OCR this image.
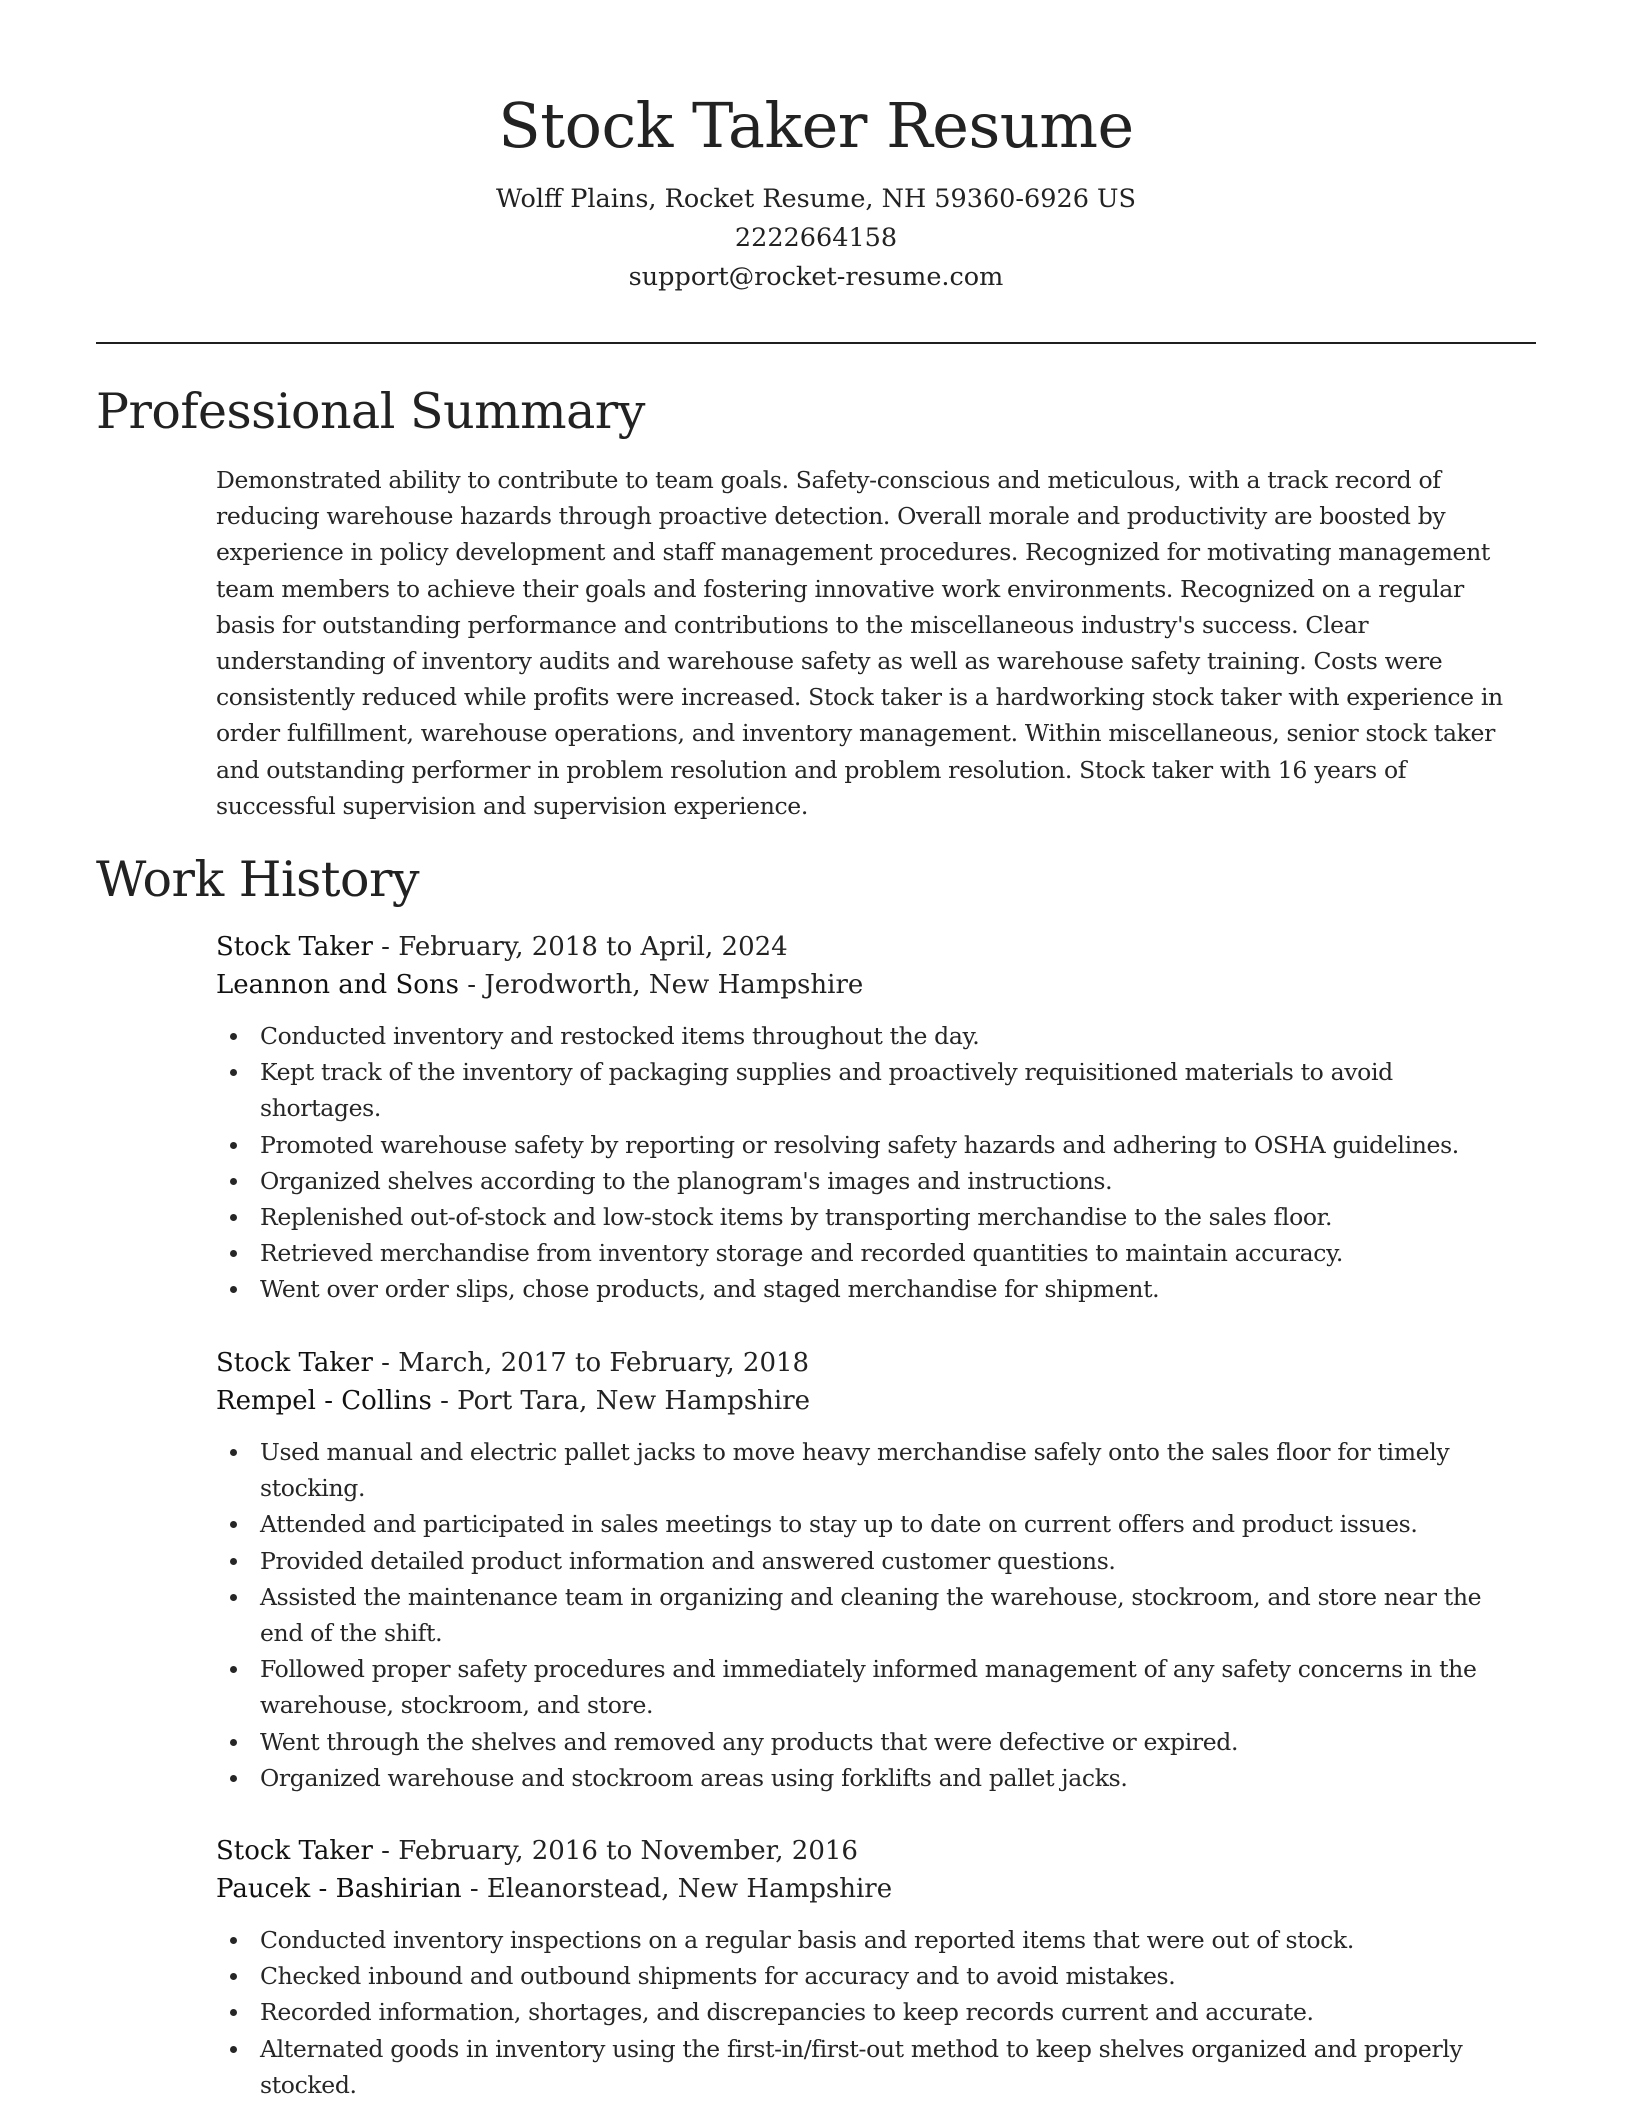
Stock Taker Resume
Wolff Plains, Rocket Resume, NH 59360-6926 US
2222664158
support@rocket-resume.com
Professional Summary
Demonstrated ability to contribute to team goals. Safety-conscious and meticulous, with a track record of
reducing warehouse hazards through proactive detection. Overall morale and productivity are boosted by
experience in policy development and staff management procedures. Recognized for motivating management
team members to achieve their goals and fostering innovative work environments. Recognized on a regular
basis for outstanding performance and contributions to the miscellaneous industry's success. Clear
understanding of inventory audits and warehouse safety as well as warehouse safety training. Costs were
consistently reduced while profits were increased. Stock taker is a hardworking stock taker with experience in
order fulfillment, warehouse operations, and inventory management. Within miscellaneous, senior stock taker
and outstanding performer in problem resolution and problem resolution. Stock taker with 16 years of
successful supervision and supervision experience.
Work History
Stock Taker - February, 2018 to April, 2024
Leannon and Sons - Jerodworth, New Hampshire
Conducted inventory and restocked items throughout the day.
Kept track of the inventory of packaging supplies and proactively requisitioned materials to avoid
shortages.
Promoted warehouse safety by reporting or resolving safety hazards and adhering to OSHA guidelines.
Organized shelves according to the planogram's images and instructions.
Replenished out-of-stock and low-stock items by transporting merchandise to the sales floor.
Retrieved merchandise from inventory storage and recorded quantities to maintain accuracy.
Went over order slips, chose products, and staged merchandise for shipment.
Stock Taker - March, 2017 to February, 2018
Rempel - Collins - Port Tara, New Hampshire
Used manual and electric pallet jacks to move heavy merchandise safely onto the sales floor for timely
stocking.
Attended and participated in sales meetings to stay up to date on current offers and product issues.
Provided detailed product information and answered customer questions.
Assisted the maintenance team in organizing and cleaning the warehouse, stockroom, and store near the
end of the shift.
Followed proper safety procedures and immediately informed management of any safety concerns in the
warehouse, stockroom, and store.
Went through the shelves and removed any products that were defective or expired.
Organized warehouse and stockroom areas using forklifts and pallet jacks.
Stock Taker - February, 2016 to November, 2016
Paucek - Bashirian - Eleanorstead, New Hampshire
Conducted inventory inspections on a regular basis and reported items that were out of stock.
Checked inbound and outbound shipments for accuracy and to avoid mistakes.
Recorded information, shortages, and discrepancies to keep records current and accurate.
Alternated goods in inventory using the first-in/first-out method to keep shelves organized and properly
stocked.
